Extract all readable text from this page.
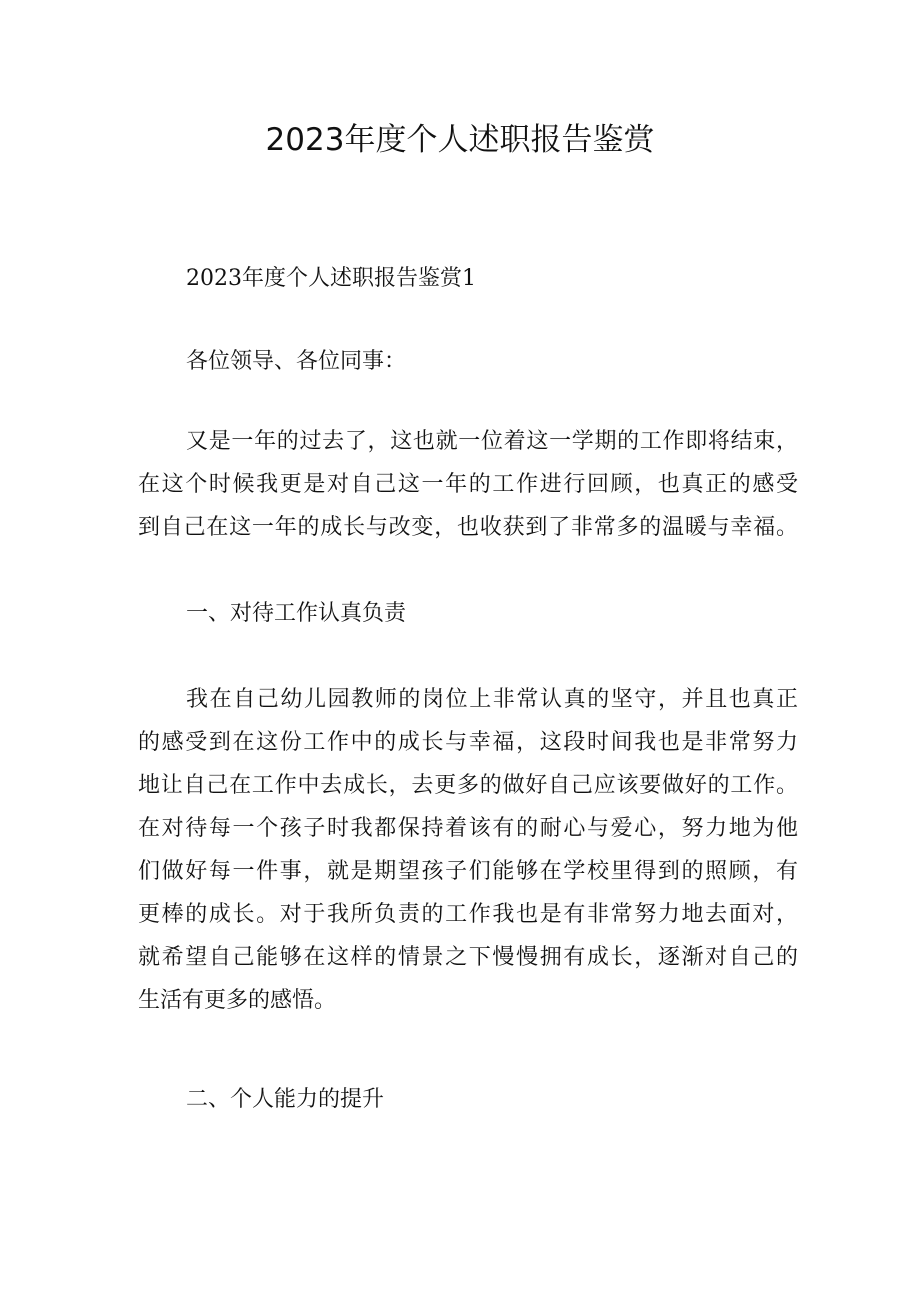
2023年度个人述职报告鉴赏
2023年度个人述职报告鉴赏1
各位领导、各位同事：
又是一年的过去了，这也就一位着这一学期的工作即将结束，
在这个时候我更是对自己这一年的工作进行回顾，也真正的感受
到自己在这一年的成长与改变，也收获到了非常多的温暖与幸福。
一、对待工作认真负责
我在自己幼儿园教师的岗位上非常认真的坚守，并且也真正
的感受到在这份工作中的成长与幸福，这段时间我也是非常努力
地让自己在工作中去成长，去更多的做好自己应该要做好的工作。
在对待每一个孩子时我都保持着该有的耐心与爱心，努力地为他
们做好每一件事，就是期望孩子们能够在学校里得到的照顾，有
更棒的成长。对于我所负责的工作我也是有非常努力地去面对，
就希望自己能够在这样的情景之下慢慢拥有成长，逐渐对自己的
生活有更多的感悟。
二、个人能力的提升
